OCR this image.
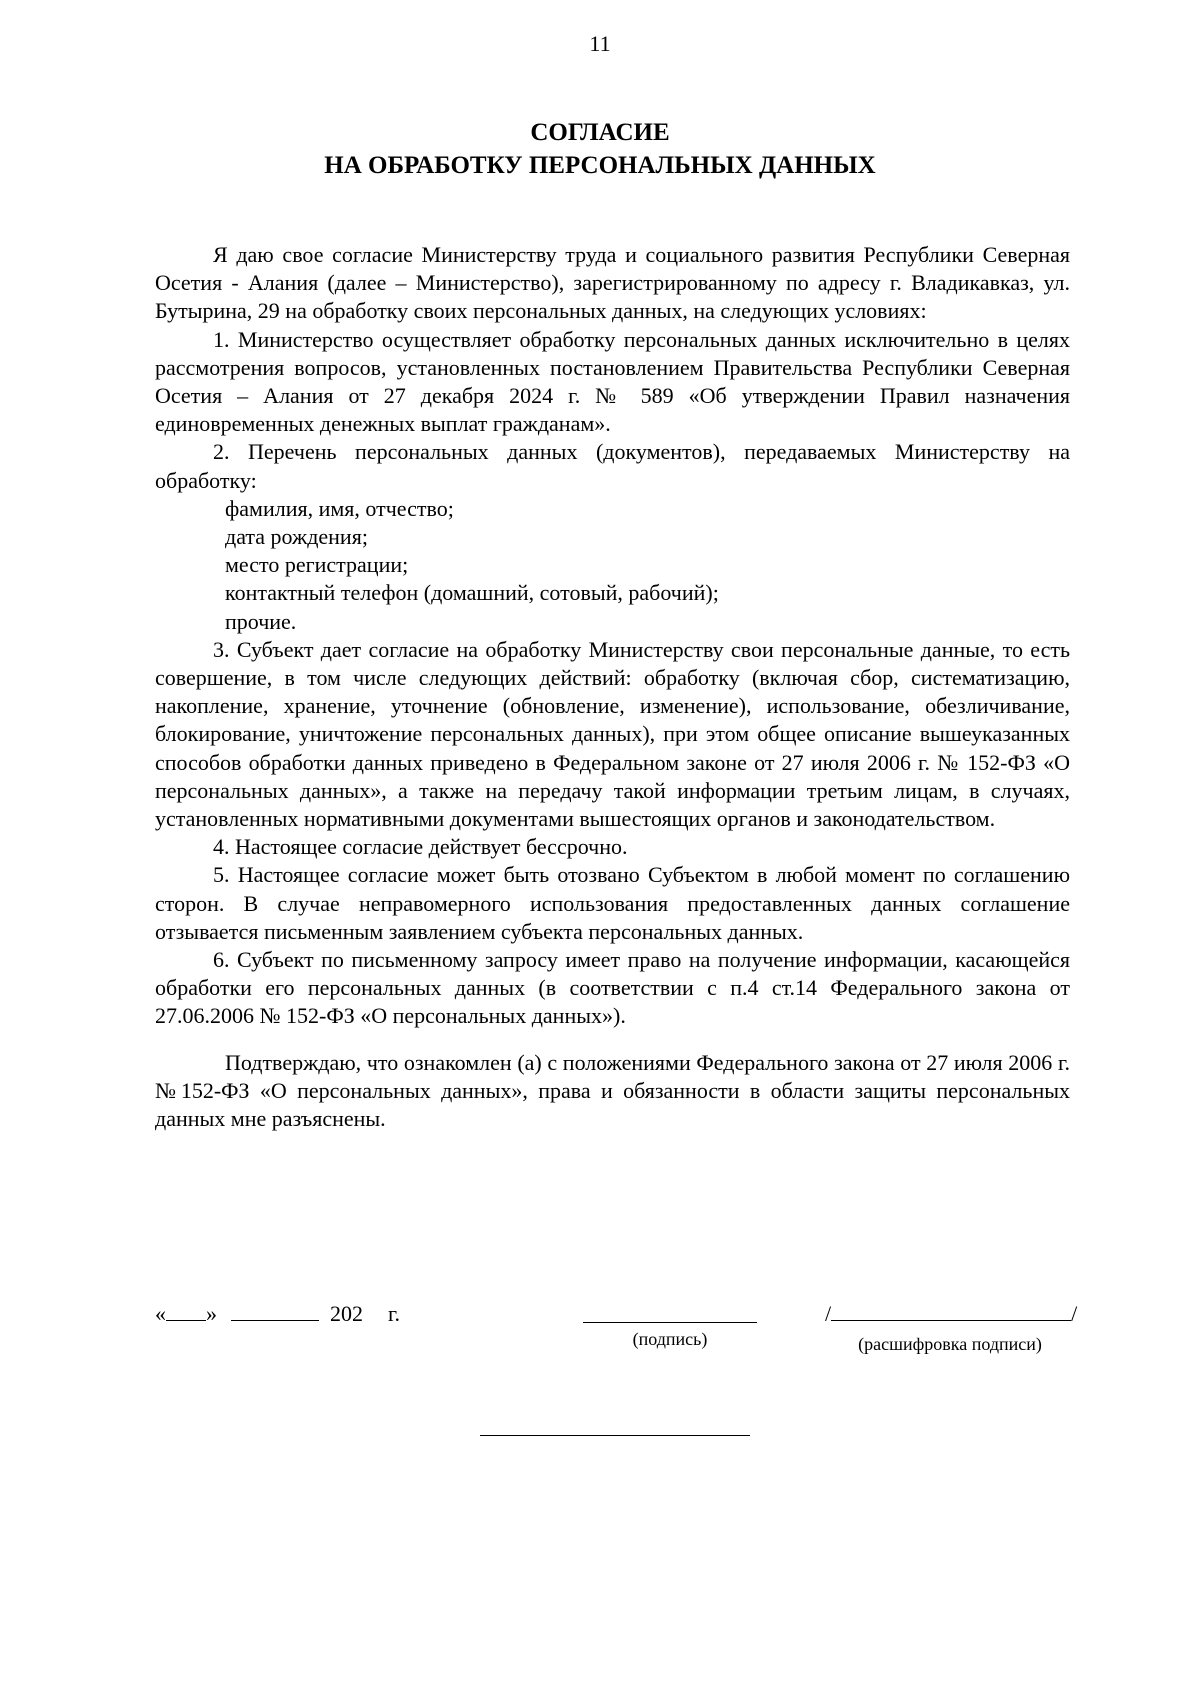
11
СОГЛАСИЕ
НА ОБРАБОТКУ ПЕРСОНАЛЬНЫХ ДАННЫХ

Я даю свое согласие Министерству труда и социального развития Республики Северная Осетия - Алания (далее – Министерство), зарегистрированному по адресу г. Владикавказ, ул. Бутырина, 29 на обработку своих персональных данных, на следующих условиях:

1. Министерство осуществляет обработку персональных данных исключительно в целях рассмотрения вопросов, установленных постановлением Правительства Республики Северная Осетия – Алания от 27 декабря 2024 г. № 589 «Об утверждении Правил назначения единовременных денежных выплат гражданам».

2. Перечень персональных данных (документов), передаваемых Министерству на обработку:

фамилия, имя, отчество;
дата рождения;
место регистрации;
контактный телефон (домашний, сотовый, рабочий);
прочие.

3. Субъект дает согласие на обработку Министерству свои персональные данные, то есть совершение, в том числе следующих действий: обработку (включая сбор, систематизацию, накопление, хранение, уточнение (обновление, изменение), использование, обезличивание, блокирование, уничтожение персональных данных), при этом общее описание вышеуказанных способов обработки данных приведено в Федеральном законе от 27 июля 2006 г. № 152-ФЗ «О персональных данных», а также на передачу такой информации третьим лицам, в случаях, установленных нормативными документами вышестоящих органов и законодательством.

4. Настоящее согласие действует бессрочно.

5. Настоящее согласие может быть отозвано Субъектом в любой момент по соглашению сторон. В случае неправомерного использования предоставленных данных соглашение отзывается письменным заявлением субъекта персональных данных.

6. Субъект по письменному запросу имеет право на получение информации, касающейся обработки его персональных данных (в соответствии с п.4 ст.14 Федерального закона от 27.06.2006 № 152-ФЗ «О персональных данных»).

Подтверждаю, что ознакомлен (а) с положениями Федерального закона от 27 июля 2006 г. №152-ФЗ «О персональных данных», права и обязанности в области защиты персональных данных мне разъяснены.

« »	202 г.
(подпись)
/	/
(расшифровка подписи)
